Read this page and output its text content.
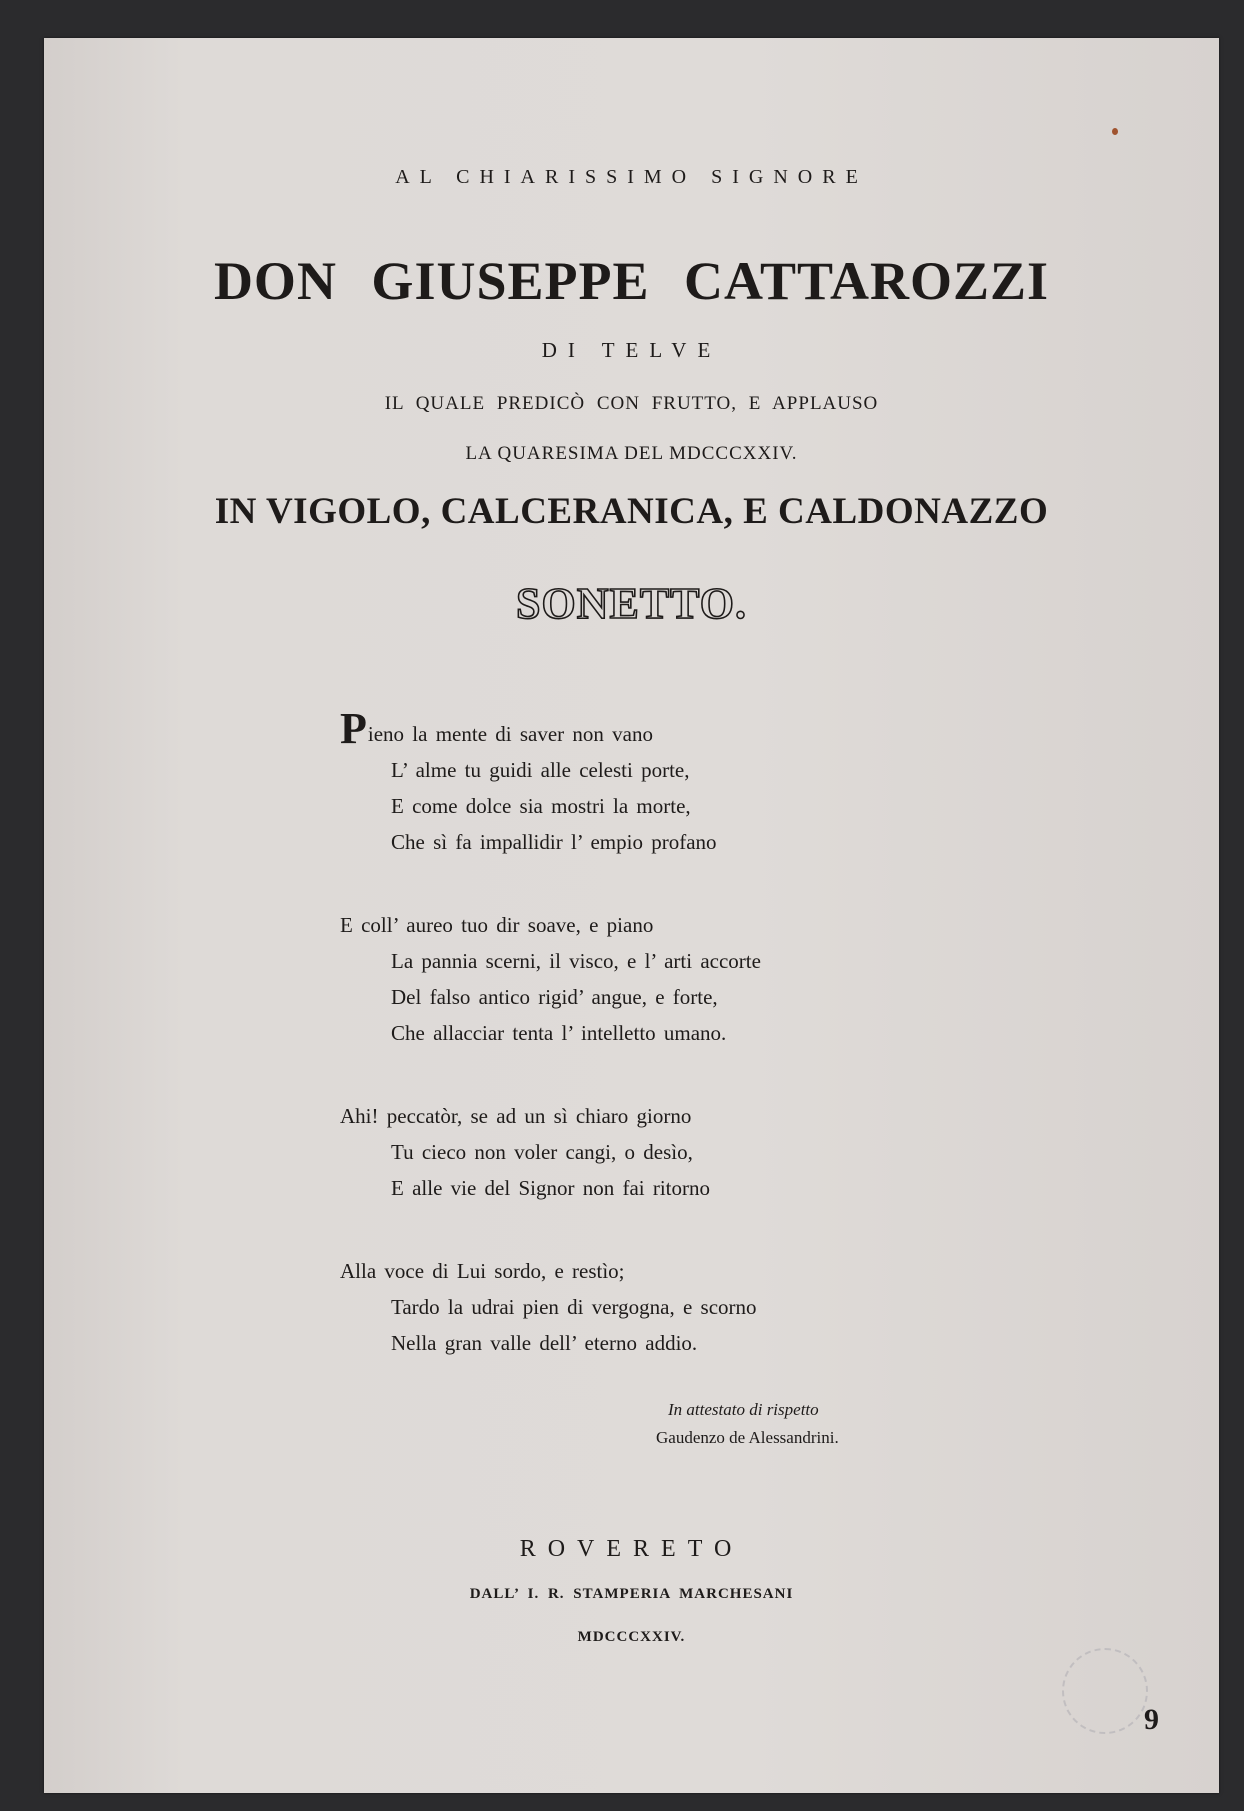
AL CHIARISSIMO SIGNORE
DON GIUSEPPE CATTAROZZI
DI TELVE
IL QUALE PREDICÒ CON FRUTTO, E APPLAUSO
LA QUARESIMA DEL MDCCCXXIV.
IN VIGOLO, CALCERANICA, E CALDONAZZO
SONETTO.
Pieno la mente di saver non vano
L’ alme tu guidi alle celesti porte,
E come dolce sia mostri la morte,
Che sì fa impallidir l’ empio profano
E coll’ aureo tuo dir soave, e piano
La pannia scerni, il visco, e l’ arti accorte
Del falso antico rigid’ angue, e forte,
Che allacciar tenta l’ intelletto umano.
Ahi! peccatòr, se ad un sì chiaro giorno
Tu cieco non voler cangi, o desìo,
E alle vie del Signor non fai ritorno
Alla voce di Lui sordo, e restìo;
Tardo la udrai pien di vergogna, e scorno
Nella gran valle dell’ eterno addio.
In attestato di rispetto
Gaudenzo de Alessandrini.
ROVERETO
DALL’ I. R. STAMPERIA MARCHESANI
MDCCCXXIV.
9
